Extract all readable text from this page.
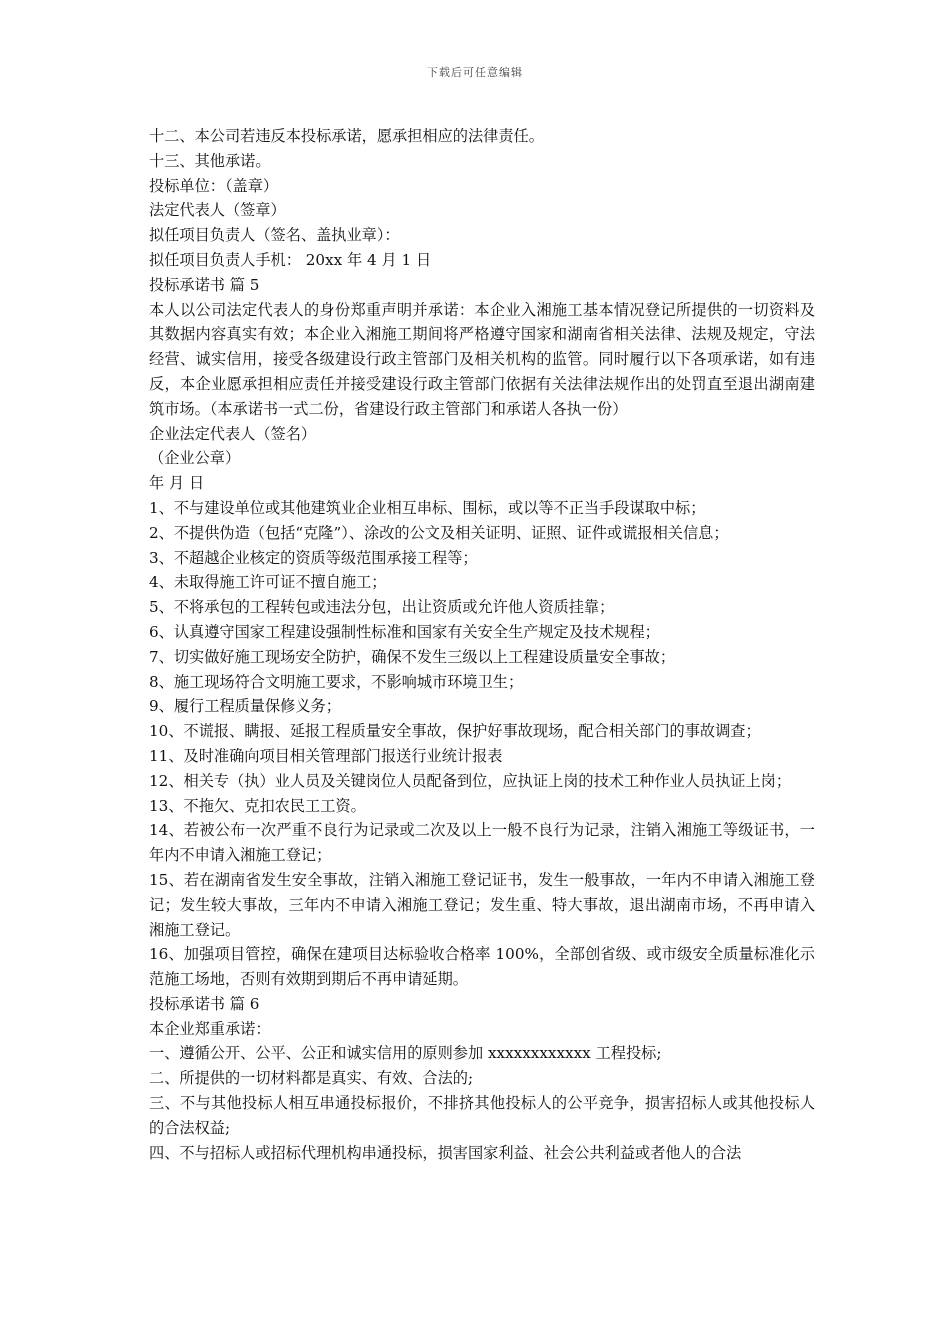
下载后可任意编辑
十二、本公司若违反本投标承诺，愿承担相应的法律责任。
十三、其他承诺。
投标单位：（盖章）
法定代表人（签章）
拟任项目负责人（签名、盖执业章）：
拟任项目负责人手机： 20xx 年 4 月 1 日
投标承诺书 篇 5
本人以公司法定代表人的身份郑重声明并承诺：本企业入湘施工基本情况登记所提供的一切资料及其数据内容真实有效；本企业入湘施工期间将严格遵守国家和湖南省相关法律、法规及规定，守法经营、诚实信用，接受各级建设行政主管部门及相关机构的监管。同时履行以下各项承诺，如有违反，本企业愿承担相应责任并接受建设行政主管部门依据有关法律法规作出的处罚直至退出湖南建筑市场。（本承诺书一式二份，省建设行政主管部门和承诺人各执一份）
企业法定代表人（签名）
（企业公章）
年 月 日
1、不与建设单位或其他建筑业企业相互串标、围标，或以等不正当手段谋取中标；
2、不提供伪造（包括“克隆”）、涂改的公文及相关证明、证照、证件或谎报相关信息；
3、不超越企业核定的资质等级范围承接工程等；
4、未取得施工许可证不擅自施工；
5、不将承包的工程转包或违法分包，出让资质或允许他人资质挂靠；
6、认真遵守国家工程建设强制性标准和国家有关安全生产规定及技术规程；
7、切实做好施工现场安全防护，确保不发生三级以上工程建设质量安全事故；
8、施工现场符合文明施工要求，不影响城市环境卫生；
9、履行工程质量保修义务；
10、不谎报、瞒报、延报工程质量安全事故，保护好事故现场，配合相关部门的事故调查；
11、及时准确向项目相关管理部门报送行业统计报表
12、相关专（执）业人员及关键岗位人员配备到位，应执证上岗的技术工种作业人员执证上岗；
13、不拖欠、克扣农民工工资。
14、若被公布一次严重不良行为记录或二次及以上一般不良行为记录，注销入湘施工等级证书，一年内不申请入湘施工登记；
15、若在湖南省发生安全事故，注销入湘施工登记证书，发生一般事故，一年内不申请入湘施工登记；发生较大事故，三年内不申请入湘施工登记；发生重、特大事故，退出湖南市场，不再申请入湘施工登记。
16、加强项目管控，确保在建项目达标验收合格率 100%，全部创省级、或市级安全质量标准化示范施工场地，否则有效期到期后不再申请延期。
投标承诺书 篇 6
本企业郑重承诺：
一、遵循公开、公平、公正和诚实信用的原则参加 xxxxxxxxxxxx 工程投标;
二、所提供的一切材料都是真实、有效、合法的;
三、不与其他投标人相互串通投标报价，不排挤其他投标人的公平竞争，损害招标人或其他投标人的合法权益;
四、不与招标人或招标代理机构串通投标，损害国家利益、社会公共利益或者他人的合法
